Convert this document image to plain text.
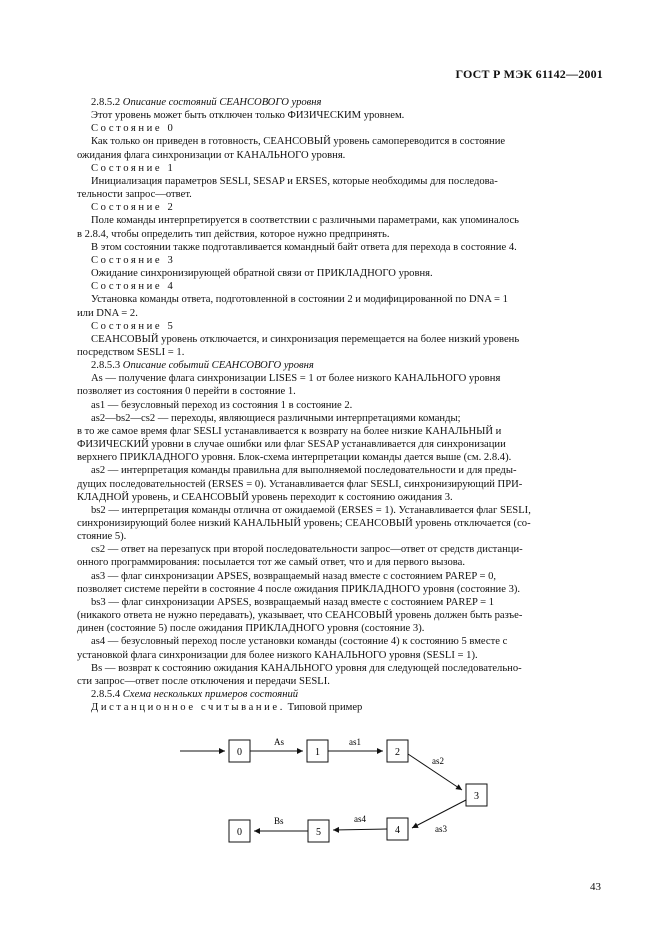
ГОСТ Р МЭК 61142—2001

2.8.5.2 Описание состояний СЕАНСОВОГО уровня

Этот уровень может быть отключен только ФИЗИЧЕСКИМ уровнем.

Состояние 0

Как только он приведен в готовность, СЕАНСОВЫЙ уровень самопереводится в состояние

ожидания флага синхронизации от КАНАЛЬНОГО уровня.

Состояние 1

Инициализация параметров SESLI, SESAP и ERSES, которые необходимы для последова-

тельности запрос—ответ.

Состояние 2

Поле команды интерпретируется в соответствии с различными параметрами, как упоминалось

в 2.8.4, чтобы определить тип действия, которое нужно предпринять.

В этом состоянии также подготавливается командный байт ответа для перехода в состояние 4.

Состояние 3

Ожидание синхронизирующей обратной связи от ПРИКЛАДНОГО уровня.

Состояние 4

Установка команды ответа, подготовленной в состоянии 2 и модифицированной по DNA = 1

или DNA = 2.

Состояние 5

СЕАНСОВЫЙ уровень отключается, и синхронизация перемещается на более низкий уровень

посредством SESLI = 1.

2.8.5.3 Описание событий СЕАНСОВОГО уровня

As — получение флага синхронизации LISES = 1 от более низкого КАНАЛЬНОГО уровня

позволяет из состояния 0 перейти в состояние 1.

as1 — безусловный переход из состояния 1 в состояние 2.

as2—bs2—cs2 — переходы, являющиеся различными интерпретациями команды;

в то же самое время флаг SESLI устанавливается к возврату на более низкие КАНАЛЬНЫЙ и

ФИЗИЧЕСКИЙ уровни в случае ошибки или флаг SESAP устанавливается для синхронизации

верхнего ПРИКЛАДНОГО уровня. Блок-схема интерпретации команды дается выше (см. 2.8.4).

as2 — интерпретация команды правильна для выполняемой последовательности и для преды-

дущих последовательностей (ERSES = 0). Устанавливается флаг SESLI, синхронизирующий ПРИ-

КЛАДНОЙ уровень, и СЕАНСОВЫЙ уровень переходит к состоянию ожидания 3.

bs2 — интерпретация команды отлична от ожидаемой (ERSES = 1). Устанавливается флаг SESLI,

синхронизирующий более низкий КАНАЛЬНЫЙ уровень; СЕАНСОВЫЙ уровень отключается (со-

стояние 5).

cs2 — ответ на перезапуск при второй последовательности запрос—ответ от средств дистанци-

онного программирования: посылается тот же самый ответ, что и для первого вызова.

as3 — флаг синхронизации APSES, возвращаемый назад вместе с состоянием PAREP = 0,

позволяет системе перейти в состояние 4 после ожидания ПРИКЛАДНОГО уровня (состояние 3).

bs3 — флаг синхронизации APSES, возвращаемый назад вместе с состоянием PAREP = 1

(никакого ответа не нужно передавать), указывает, что СЕАНСОВЫЙ уровень должен быть разъе-

динен (состояние 5) после ожидания ПРИКЛАДНОГО уровня (состояние 3).

as4 — безусловный переход после установки команды (состояние 4) к состоянию 5 вместе с

установкой флага синхронизации для более низкого КАНАЛЬНОГО уровня (SESLI = 1).

Bs — возврат к состоянию ожидания КАНАЛЬНОГО уровня для следующей последовательно-

сти запрос—ответ после отключения и передачи SESLI.

2.8.5.4 Схема нескольких примеров состояний

Дистанционное считывание. Типовой пример

0	1	2
3
4
5
0
As	as1
as2
as3
as4
Bs
43
